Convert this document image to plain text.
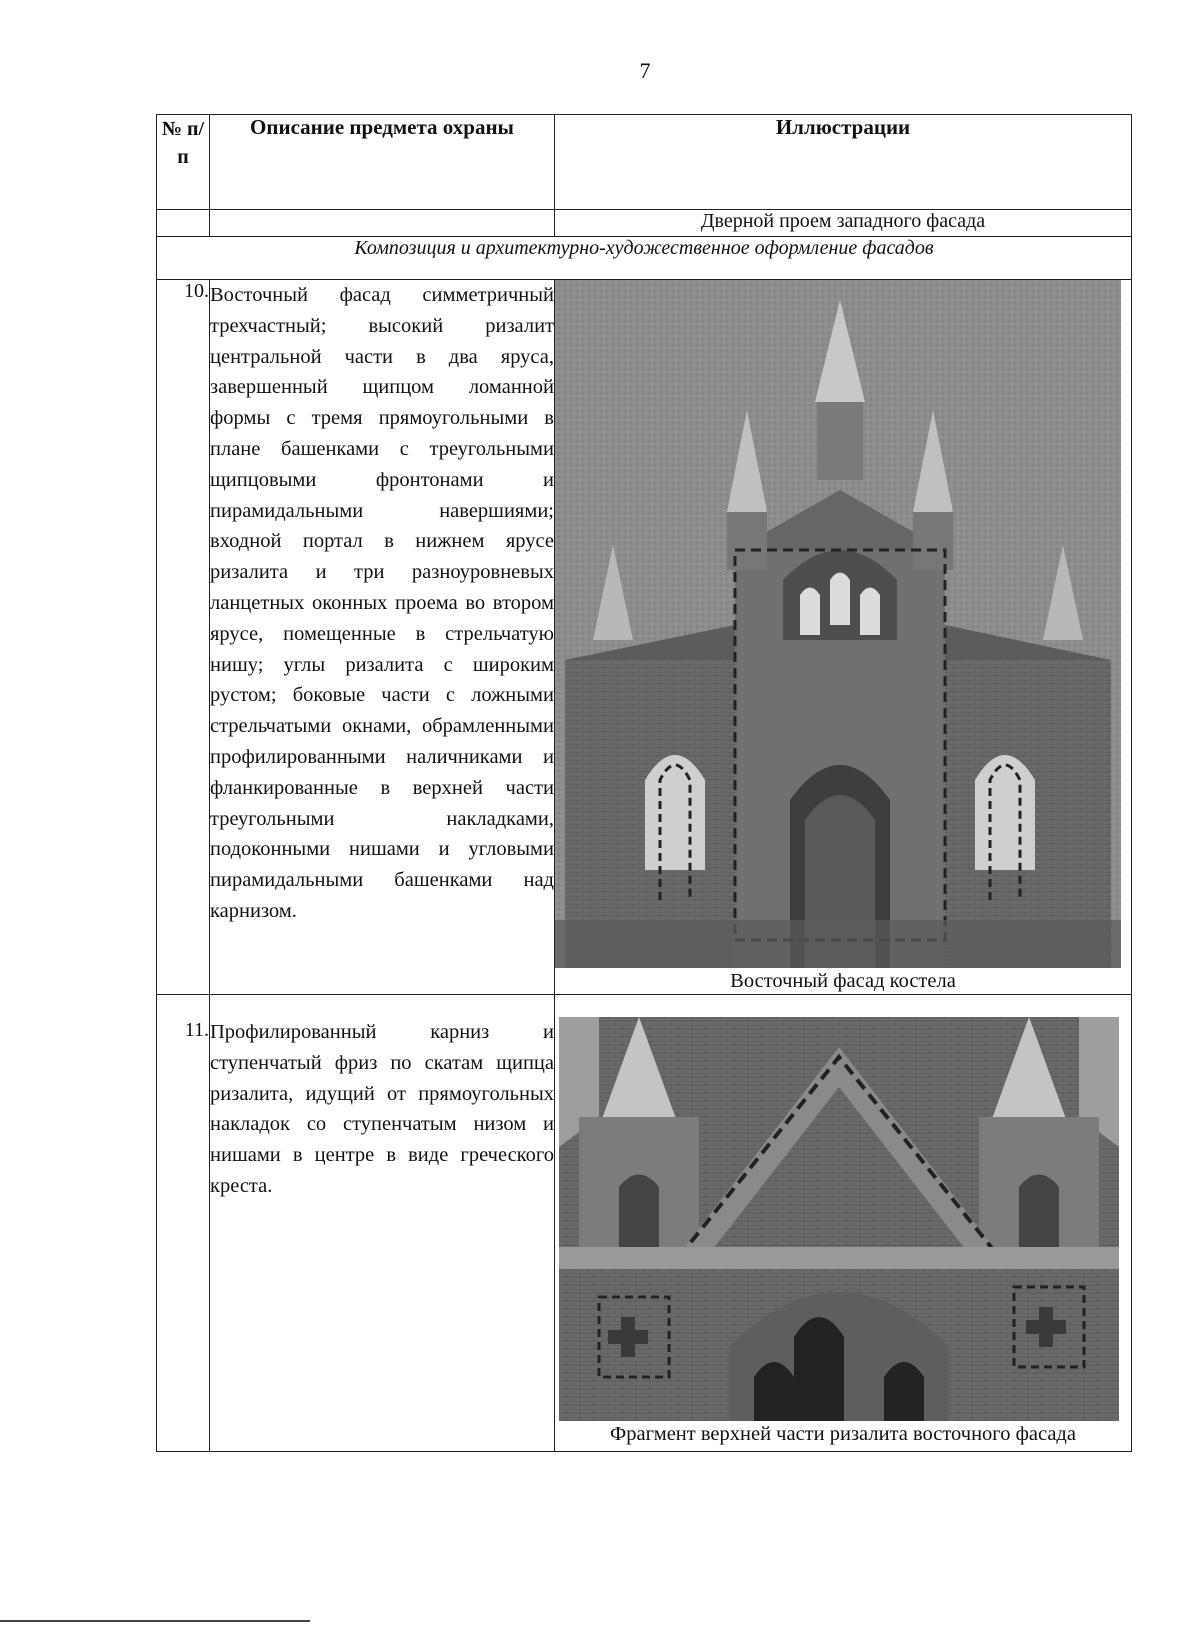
7
№ п/ п	Описание предмета охраны	Иллюстрации
		Дверной проем западного фасада
Композиция и архитектурно-художественное оформление фасадов		
10.	Восточный фасад симметричный трехчастный; высокий ризалит центральной части в два яруса, завершенный щипцом ломанной формы с тремя прямоугольными в плане башенками с треугольными щипцовыми фронтонами и пирамидальными навершиями; входной портал в нижнем ярусе ризалита и три разноуровневых ланцетных оконных проема во втором ярусе, помещенные в стрельчатую нишу; углы ризалита с широким рустом; боковые части с ложными стрельчатыми окнами, обрамленными профилированными наличниками и фланкированные в верхней части треугольными накладками, подоконными нишами и угловыми пирамидальными башенками над карнизом.	Восточный фасад костела

11.	Профилированный карниз и ступенчатый фриз по скатам щипца ризалита, идущий от прямоугольных накладок со ступенчатым низом и нишами в центре в виде греческого креста.	Фрагмент верхней части ризалита восточного фасада
